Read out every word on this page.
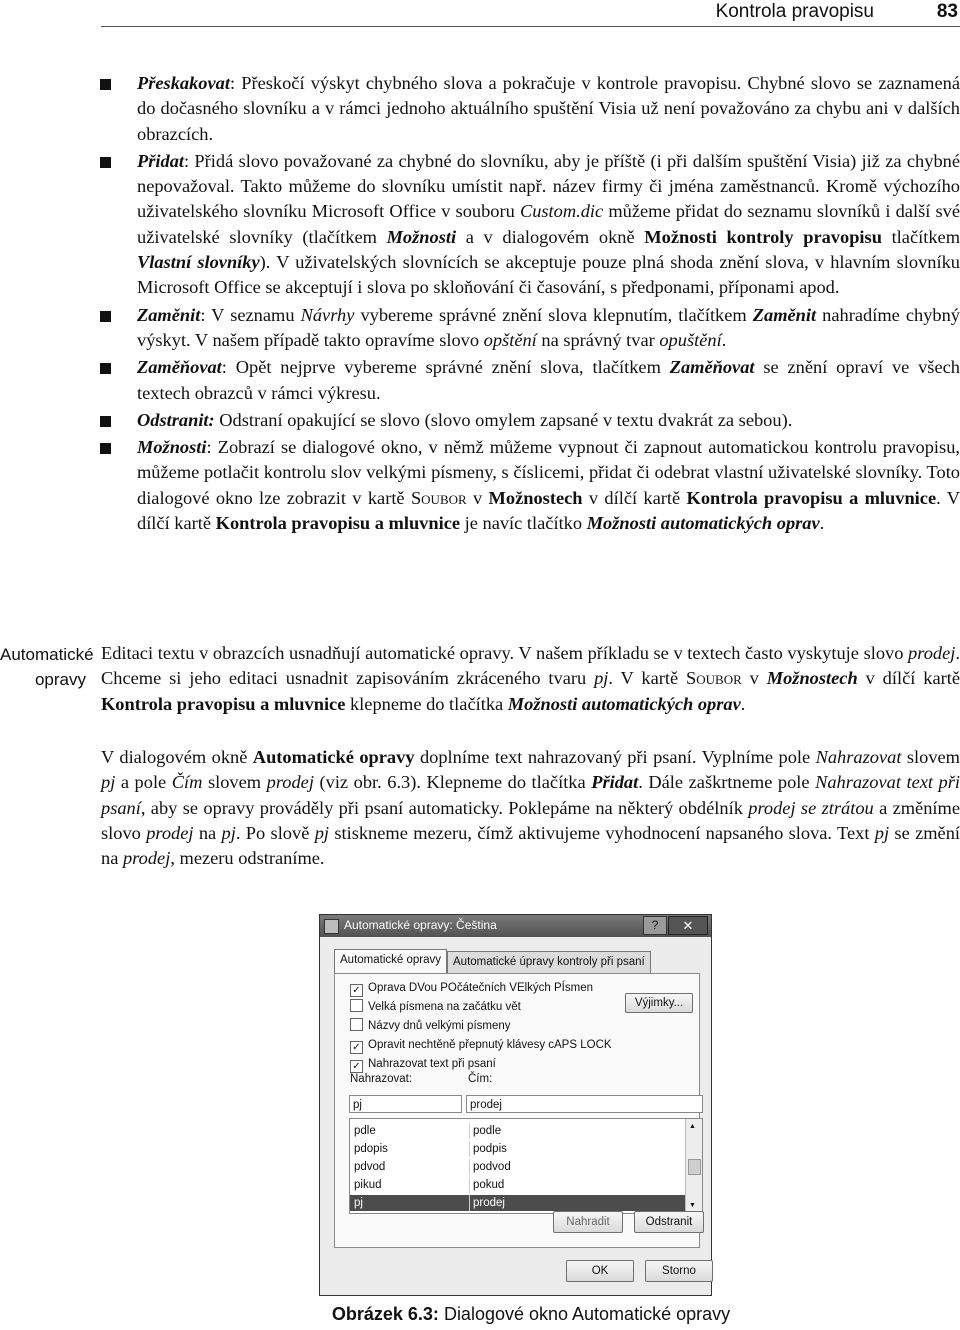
Kontrola pravopisu	83
Přeskakovat: Přeskočí výskyt chybného slova a pokračuje v kontrole pravopisu. Chybné slovo se zaznamená do dočasného slovníku a v rámci jednoho aktuálního spuštění Visia už není považováno za chybu ani v dalších obrazcích.
Přidat: Přidá slovo považované za chybné do slovníku, aby je příště (i při dalším spuštění Visia) již za chybné nepovažoval. Takto můžeme do slovníku umístit např. název firmy či jména zaměstnanců. Kromě výchozího uživatelského slovníku Microsoft Office v souboru Custom.dic můžeme přidat do seznamu slovníků i další své uživatelské slovníky (tlačítkem Možnosti a v dialogovém okně Možnosti kontroly pravopisu tlačítkem Vlastní slovníky). V uživatelských slovnících se akceptuje pouze plná shoda znění slova, v hlavním slovníku Microsoft Office se akceptují i slova po skloňování či časování, s předponami, příponami apod.
Zaměnit: V seznamu Návrhy vybereme správné znění slova klepnutím, tlačítkem Zaměnit nahradíme chybný výskyt. V našem případě takto opravíme slovo opštění na správný tvar opuštění.
Zaměňovat: Opět nejprve vybereme správné znění slova, tlačítkem Zaměňovat se znění opraví ve všech textech obrazců v rámci výkresu.
Odstranit: Odstraní opakující se slovo (slovo omylem zapsané v textu dvakrát za sebou).
Možnosti: Zobrazí se dialogové okno, v němž můžeme vypnout či zapnout automatickou kontrolu pravopisu, můžeme potlačit kontrolu slov velkými písmeny, s číslicemi, přidat či odebrat vlastní uživatelské slovníky. Toto dialogové okno lze zobrazit v kartě Soubor v Možnostech v dílčí kartě Kontrola pravopisu a mluvnice. V dílčí kartě Kontrola pravopisu a mluvnice je navíc tlačítko Možnosti automatických oprav.
Automatické
opravy

Editaci textu v obrazcích usnadňují automatické opravy. V našem příkladu se v textech často vyskytuje slovo prodej. Chceme si jeho editaci usnadnit zapisováním zkráceného tvaru pj. V kartě Soubor v Možnostech v dílčí kartě Kontrola pravopisu a mluvnice klepneme do tlačítka Možnosti automatických oprav.

V dialogovém okně Automatické opravy doplníme text nahrazovaný při psaní. Vyplníme pole Nahrazovat slovem pj a pole Čím slovem prodej (viz obr. 6.3). Klepneme do tlačítka Přidat. Dále zaškrtneme pole Nahrazovat text při psaní, aby se opravy prováděly při psaní automaticky. Poklepáme na některý obdélník prodej se ztrátou a změníme slovo prodej na pj. Po slově pj stiskneme mezeru, čímž aktivujeme vyhodnocení napsaného slova. Text pj se změní na prodej, mezeru odstraníme.

Automatické opravy: Čeština	?	✕
Automatické opravy	Automatické úpravy kontroly při psaní
✓ Oprava DVou POčátečních VElkých PÍsmen
Velká písmena na začátku vět
Názvy dnů velkými písmeny
✓ Opravit nechtěně přepnutý klávesy cAPS LOCK
✓ Nahrazovat text při psaní
Výjimky...
Nahrazovat:	Čím:
pj	prodej
pdle	podle
pdopis	podpis
pdvod	podvod
pikud	pokud
pj	prodej
▲
▼
Nahradit	Odstranit
OK	Storno
Obrázek 6.3: Dialogové okno Automatické opravy
